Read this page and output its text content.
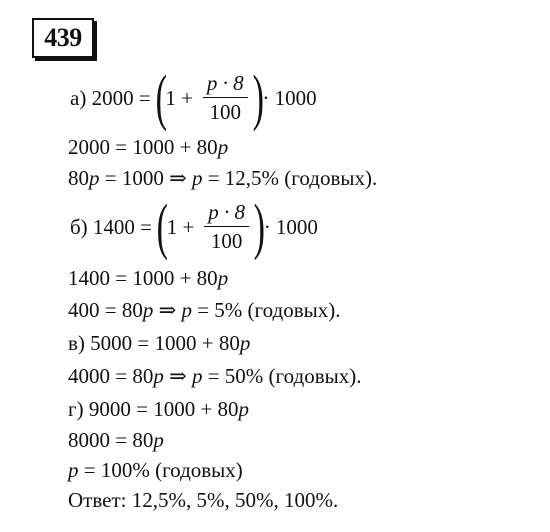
439
а) 2000 = (
$1 + \frac{p \cdot 8}{100}$ )
· 1000
2000 = 1000 + 80p
80p = 1000 ⇒ p = 12,5% (годовых).
б) 1400 = (
$1 + \frac{p \cdot 8}{100}$ )
· 1000
1400 = 1000 + 80p
400 = 80p ⇒ p = 5% (годовых).
в) 5000 = 1000 + 80p
4000 = 80p ⇒ p = 50% (годовых).
г) 9000 = 1000 + 80p
8000 = 80p
p = 100% (годовых)
Ответ: 12,5%, 5%, 50%, 100%.
